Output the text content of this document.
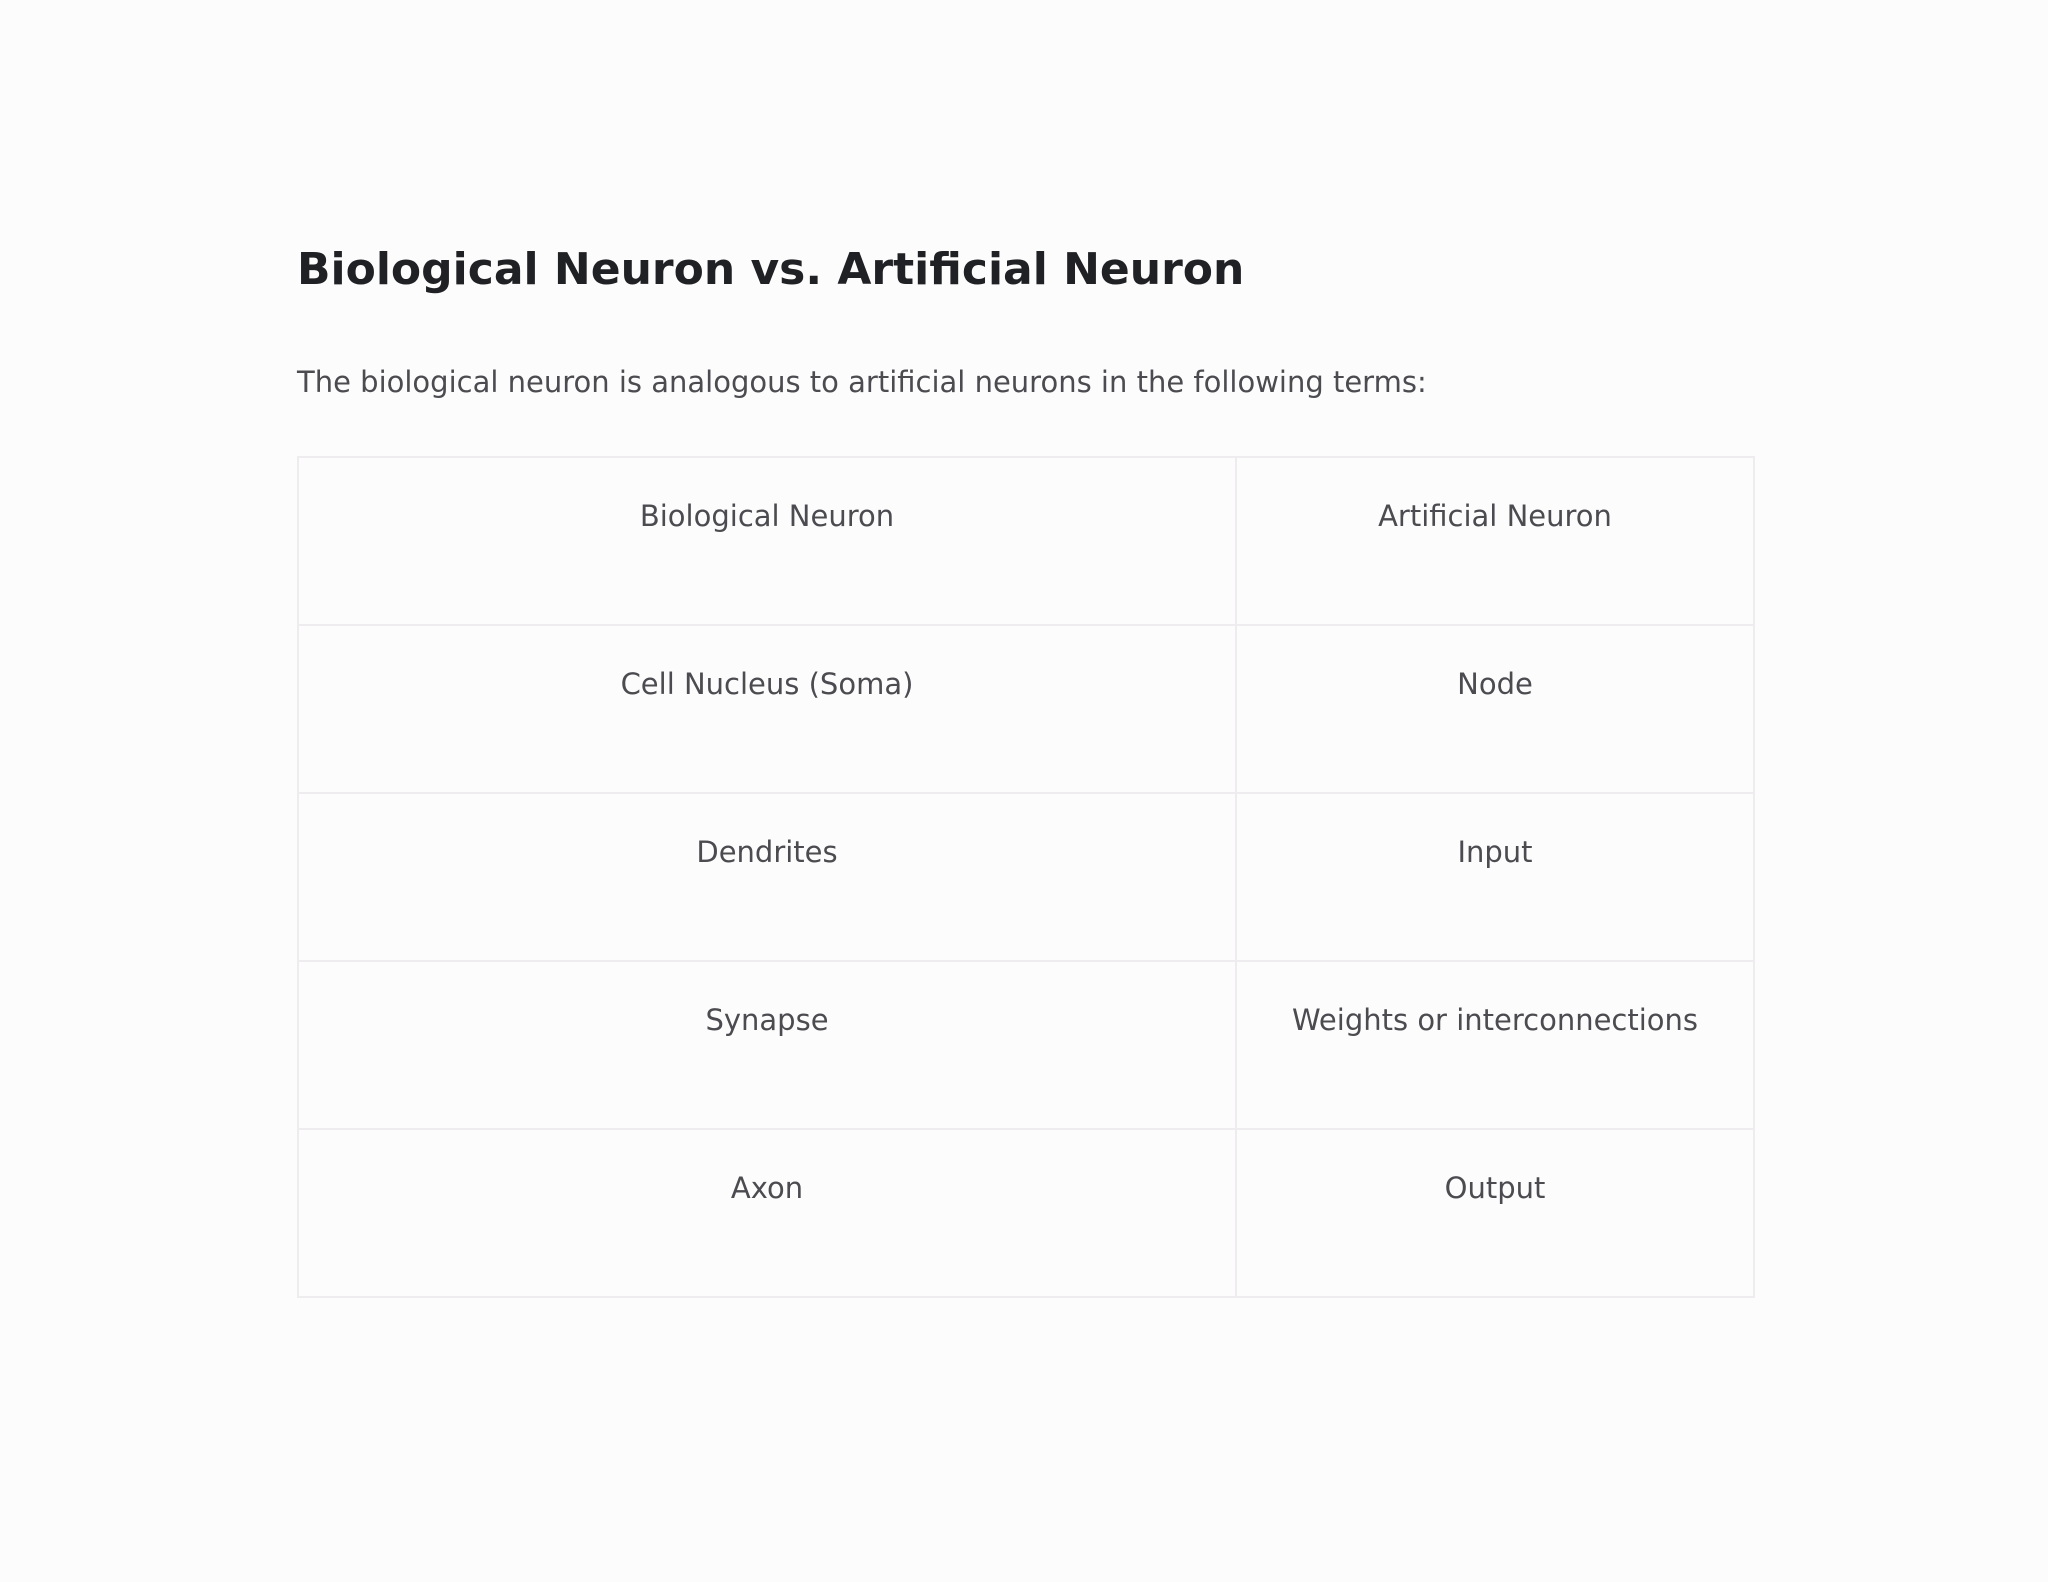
Biological Neuron vs. Artificial Neuron

The biological neuron is analogous to artificial neurons in the following terms:

Biological Neuron	Artificial Neuron
Cell Nucleus (Soma)	Node
Dendrites	Input
Synapse	Weights or interconnections
Axon	Output
